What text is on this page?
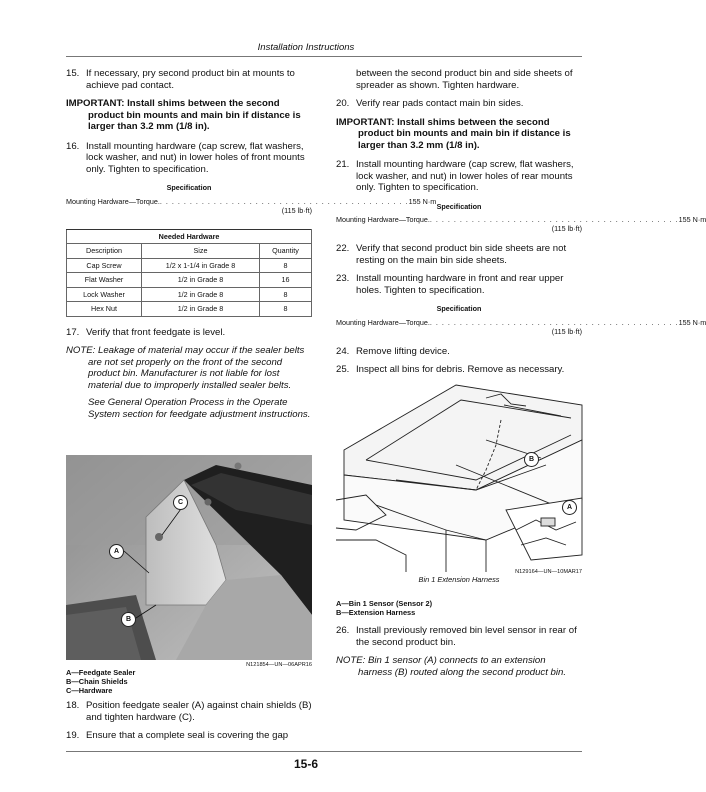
Installation Instructions
15. If necessary, pry second product bin at mounts to achieve pad contact.
IMPORTANT: Install shims between the second
product bin mounts and main bin if distance is larger than 3.2 mm (1/8 in).
16. Install mounting hardware (cap screw, flat washers, lock washer, and nut) in lower holes of front mounts only. Tighten to specification.
Specification
Mounting Hardware—Torque. . . . . . . . . . . . . . . . . . . . . . . . . . . . . . . . . . . . . . . . . . . 155 N·m
(115 lb·ft)
Needed Hardware		
Description	Size	Quantity
Cap Screw	1/2 x 1-1/4 in Grade 8	8
Flat Washer	1/2 in Grade 8	16
Lock Washer	1/2 in Grade 8	8
Hex Nut	1/2 in Grade 8	8
17. Verify that front feedgate is level.
NOTE: Leakage of material may occur if the sealer belts
are not set properly on the front of the second product bin. Manufacturer is not liable for lost material due to improperly installed sealer belts.
See General Operation Process in the Operate System section for feedgate adjustment instructions.
C
A
B
N121854—UN—06APR16
A—Feedgate Sealer
B—Chain Shields
C—Hardware
18. Position feedgate sealer (A) against chain shields (B) and tighten hardware (C).
19. Ensure that a complete seal is covering the gap
between the second product bin and side sheets of spreader as shown. Tighten hardware.
20. Verify rear pads contact main bin sides.
IMPORTANT: Install shims between the second
product bin mounts and main bin if distance is larger than 3.2 mm (1/8 in).
21. Install mounting hardware (cap screw, flat washers, lock washer, and nut) in lower holes of rear mounts only. Tighten to specification.
Specification
Mounting Hardware—Torque. . . . . . . . . . . . . . . . . . . . . . . . . . . . . . . . . . . . . . . . . . . 155 N·m
(115 lb·ft)
22. Verify that second product bin side sheets are not resting on the main bin side sheets.
23. Install mounting hardware in front and rear upper holes. Tighten to specification.
Specification
Mounting Hardware—Torque. . . . . . . . . . . . . . . . . . . . . . . . . . . . . . . . . . . . . . . . . . . 155 N·m
(115 lb·ft)
24. Remove lifting device.
25. Inspect all bins for debris. Remove as necessary.
B
A
N129164—UN—10MAR17
Bin 1 Extension Harness
A—Bin 1 Sensor (Sensor 2)
B—Extension Harness
26. Install previously removed bin level sensor in rear of the second product bin.
NOTE: Bin 1 sensor (A) connects to an extension
harness (B) routed along the second product bin.
15-6
